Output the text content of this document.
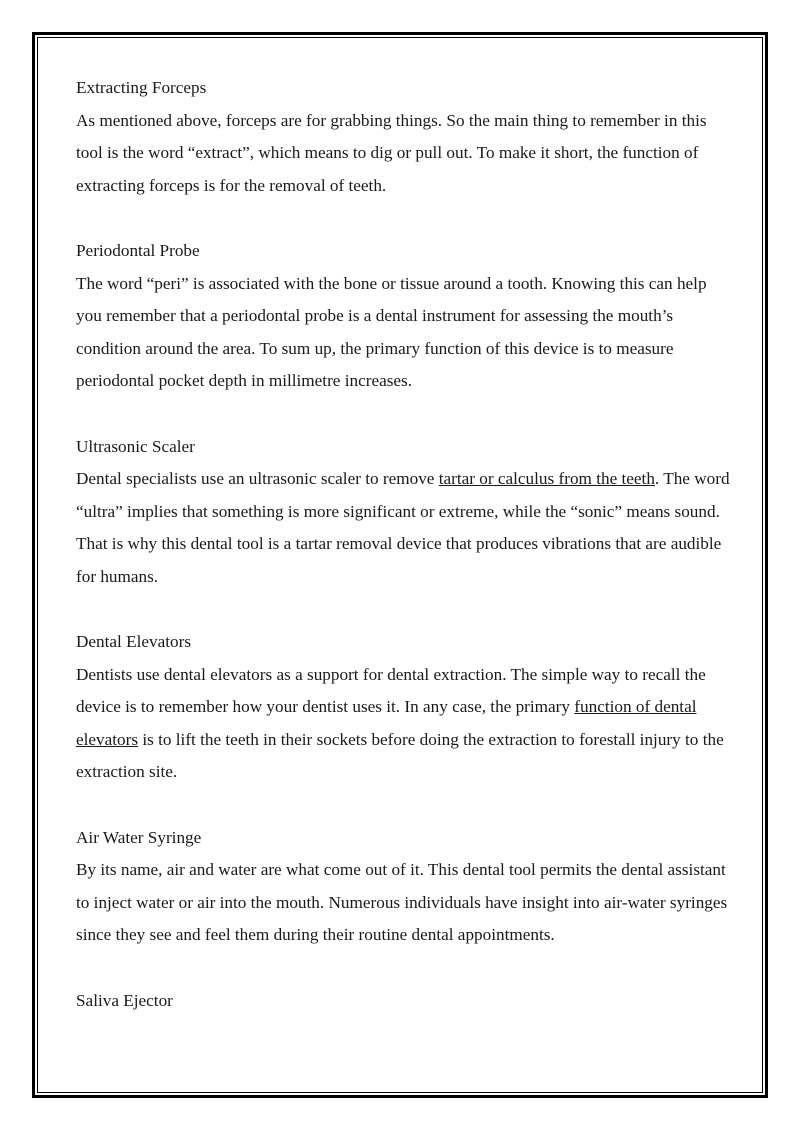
Extracting Forceps

As mentioned above, forceps are for grabbing things. So the main thing to remember in this tool is the word “extract”, which means to dig or pull out. To make it short, the function of extracting forceps is for the removal of teeth.

Periodontal Probe

The word “peri” is associated with the bone or tissue around a tooth. Knowing this can help you remember that a periodontal probe is a dental instrument for assessing the mouth’s condition around the area. To sum up, the primary function of this device is to measure periodontal pocket depth in millimetre increases.

Ultrasonic Scaler

Dental specialists use an ultrasonic scaler to remove tartar or calculus from the teeth. The word “ultra” implies that something is more significant or extreme, while the “sonic” means sound. That is why this dental tool is a tartar removal device that produces vibrations that are audible for humans.

Dental Elevators

Dentists use dental elevators as a support for dental extraction. The simple way to recall the device is to remember how your dentist uses it. In any case, the primary function of dental elevators is to lift the teeth in their sockets before doing the extraction to forestall injury to the extraction site.

Air Water Syringe

By its name, air and water are what come out of it. This dental tool permits the dental assistant to inject water or air into the mouth. Numerous individuals have insight into air-water syringes since they see and feel them during their routine dental appointments.

Saliva Ejector
